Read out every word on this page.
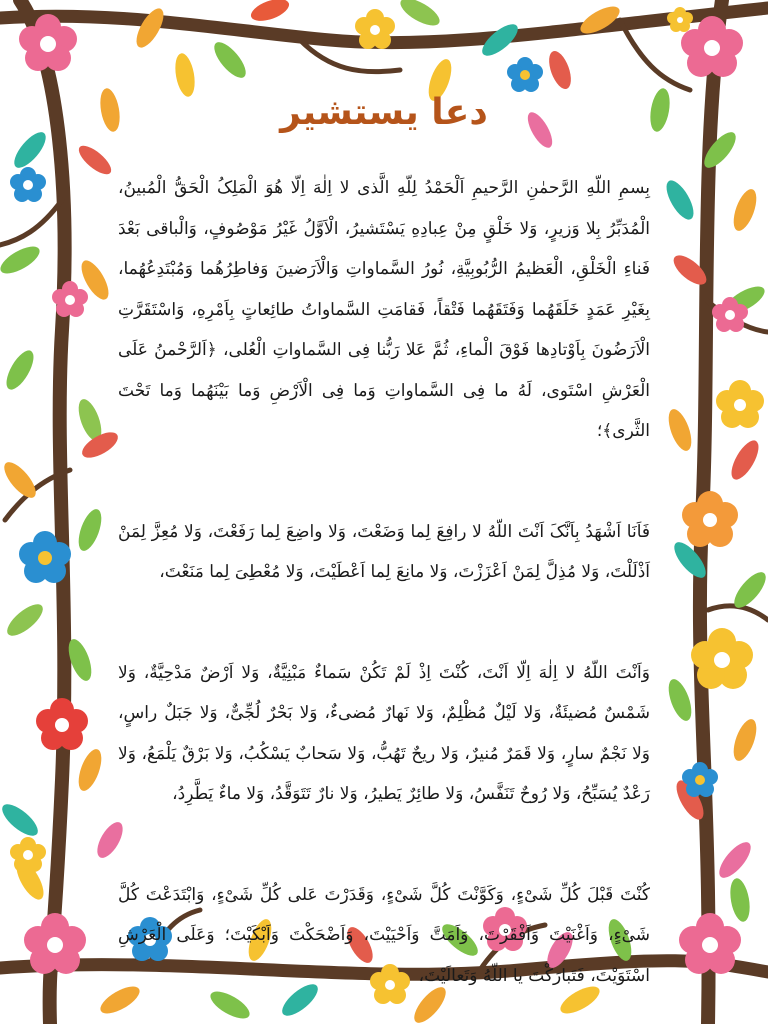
دعا یستشیر

بِسمِ اللّهِ الرَّحمٰنِ الرَّحیمِ اَلْحَمْدُ لِلّهِ الَّذی لا اِلٰهَ اِلّا هُوَ الْمَلِکُ الْحَقُّ الْمُبینُ، الْمُدَبِّرُ بِلا وَزیرٍ، وَلا خَلْقٍ مِنْ عِبادِهِ یَسْتَشیرُ، الْاَوَّلُ غَیْرُ مَوْصُوفٍ، وَالْباقی بَعْدَ فَناءِ الْخَلْقِ، الْعَظیمُ الرُّبُوبِیَّةِ، نُورُ السَّماواتِ وَالْاَرَضینَ وَفاطِرُهُما وَمُبْتَدِعُهُما، بِغَیْرِ عَمَدٍ خَلَقَهُما وَفَتَقَهُما فَتْقاً، فَقامَتِ السَّماواتُ طائِعاتٍ بِاَمْرِهِ، وَاسْتَقَرَّتِ الْاَرَضُونَ بِاَوْتادِها فَوْقَ الْماءِ، ثُمَّ عَلا رَبُّنا فِی السَّماواتِ الْعُلی، ﴿اَلرَّحْمنُ عَلَی الْعَرْشِ اسْتَوی، لَهُ ما فِی السَّماواتِ وَما فِی الْاَرْضِ وَما بَیْنَهُما وَما تَحْتَ الثَّری﴾؛

فَاَنَا اَشْهَدُ بِاَنَّکَ اَنْتَ اللّهُ لا رافِعَ لِما وَضَعْتَ، وَلا واضِعَ لِما رَفَعْتَ، وَلا مُعِزَّ لِمَنْ اَذْلَلْتَ، وَلا مُذِلَّ لِمَنْ اَعْزَزْتَ، وَلا مانِعَ لِما اَعْطَیْتَ، وَلا مُعْطِیَ لِما مَنَعْتَ،

وَاَنْتَ اللّهُ لا اِلٰهَ اِلّا اَنْتَ، کُنْتَ اِذْ لَمْ تَکُنْ سَماءٌ مَبْنِیَّةٌ، وَلا اَرْضٌ مَدْحِیَّةٌ، وَلا شَمْسٌ مُضیئَةٌ، وَلا لَیْلٌ مُظْلِمٌ، وَلا نَهارٌ مُضیءٌ، وَلا بَحْرٌ لُجِّیٌّ، وَلا جَبَلٌ راسٍ، وَلا نَجْمٌ سارٍ، وَلا قَمَرٌ مُنیرٌ، وَلا ریحٌ تَهُبُّ، وَلا سَحابٌ یَسْکُبُ، وَلا بَرْقٌ یَلْمَعُ، وَلا رَعْدٌ یُسَبِّحُ، وَلا رُوحٌ تَنَفَّسُ، وَلا طائِرٌ یَطیرُ، وَلا نارٌ تَتَوَقَّدُ، وَلا ماءٌ یَطَّرِدُ،

کُنْتَ قَبْلَ کُلِّ شَیْءٍ، وَکَوَّنْتَ کُلَّ شَیْءٍ، وَقَدَرْتَ عَلی کُلِّ شَیْءٍ، وَابْتَدَعْتَ کُلَّ شَیْءٍ، وَاَغْنَیْتَ وَاَفْقَرْتَ، وَاَمَتَّ وَاَحْیَیْتَ، وَاَضْحَکْتَ وَاَبْکَیْتَ؛ وَعَلَی الْعَرْشِ اسْتَوَیْتَ، فَتَبارَکْتَ یا اللّهُ وَتَعالَیْتَ،
